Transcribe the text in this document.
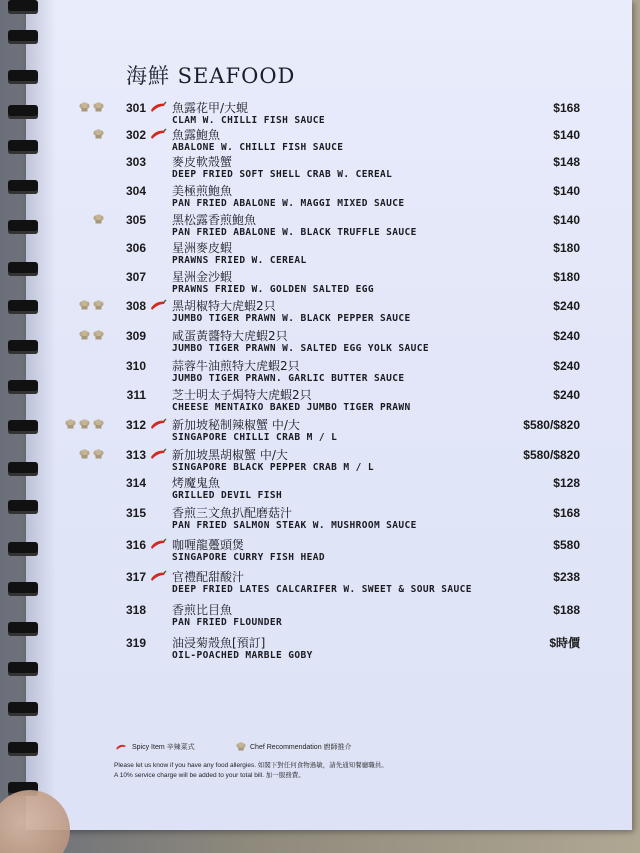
海鮮 SEAFOOD
301 魚露花甲/大蜆
CLAM W. CHILLI FISH SAUCE
$168
302 魚露鮑魚
ABALONE W. CHILLI FISH SAUCE
$140
303 麥皮軟殼蟹
DEEP FRIED SOFT SHELL CRAB W. CEREAL
$148
304 美極煎鮑魚
PAN FRIED ABALONE W. MAGGI MIXED SAUCE
$140
305 黑松露香煎鮑魚
PAN FRIED ABALONE W. BLACK TRUFFLE SAUCE
$140
306 星洲麥皮蝦
PRAWNS FRIED W. CEREAL
$180
307 星洲金沙蝦
PRAWNS FRIED W. GOLDEN SALTED EGG
$180
308 黑胡椒特大虎蝦2只
JUMBO TIGER PRAWN W. BLACK PEPPER SAUCE
$240
309 咸蛋黃醬特大虎蝦2只
JUMBO TIGER PRAWN W. SALTED EGG YOLK SAUCE
$240
310 蒜蓉牛油煎特大虎蝦2只
JUMBO TIGER PRAWN. GARLIC BUTTER SAUCE
$240
311 芝士明太子焗特大虎蝦2只
CHEESE MENTAIKO BAKED JUMBO TIGER PRAWN
$240
312 新加坡秘制辣椒蟹 中/大
SINGAPORE CHILLI CRAB M / L
$580/$820
313 新加坡黑胡椒蟹 中/大
SINGAPORE BLACK PEPPER CRAB M / L
$580/$820
314 烤魔鬼魚
GRILLED DEVIL FISH
$128
315 香煎三文魚扒配磨菇汁
PAN FRIED SALMON STEAK W. MUSHROOM SAUCE
$168
316 咖喱龍躉頭煲
SINGAPORE CURRY FISH HEAD
$580
317 官禮配甜酸汁
DEEP FRIED LATES CALCARIFER W. SWEET & SOUR SAUCE
$238
318 香煎比目魚
PAN FRIED FLOUNDER
$188
319 油浸菊殼魚[預訂]
OIL-POACHED MARBLE GOBY
$時價
Spicy Item 辛辣菜式	Chef Recommendation 廚師推介
Please let us know if you have any food allergies. 如閣下對任何食物過敏，請先通知餐廳職員。
A 10% service charge will be added to your total bill. 加一服務費。
